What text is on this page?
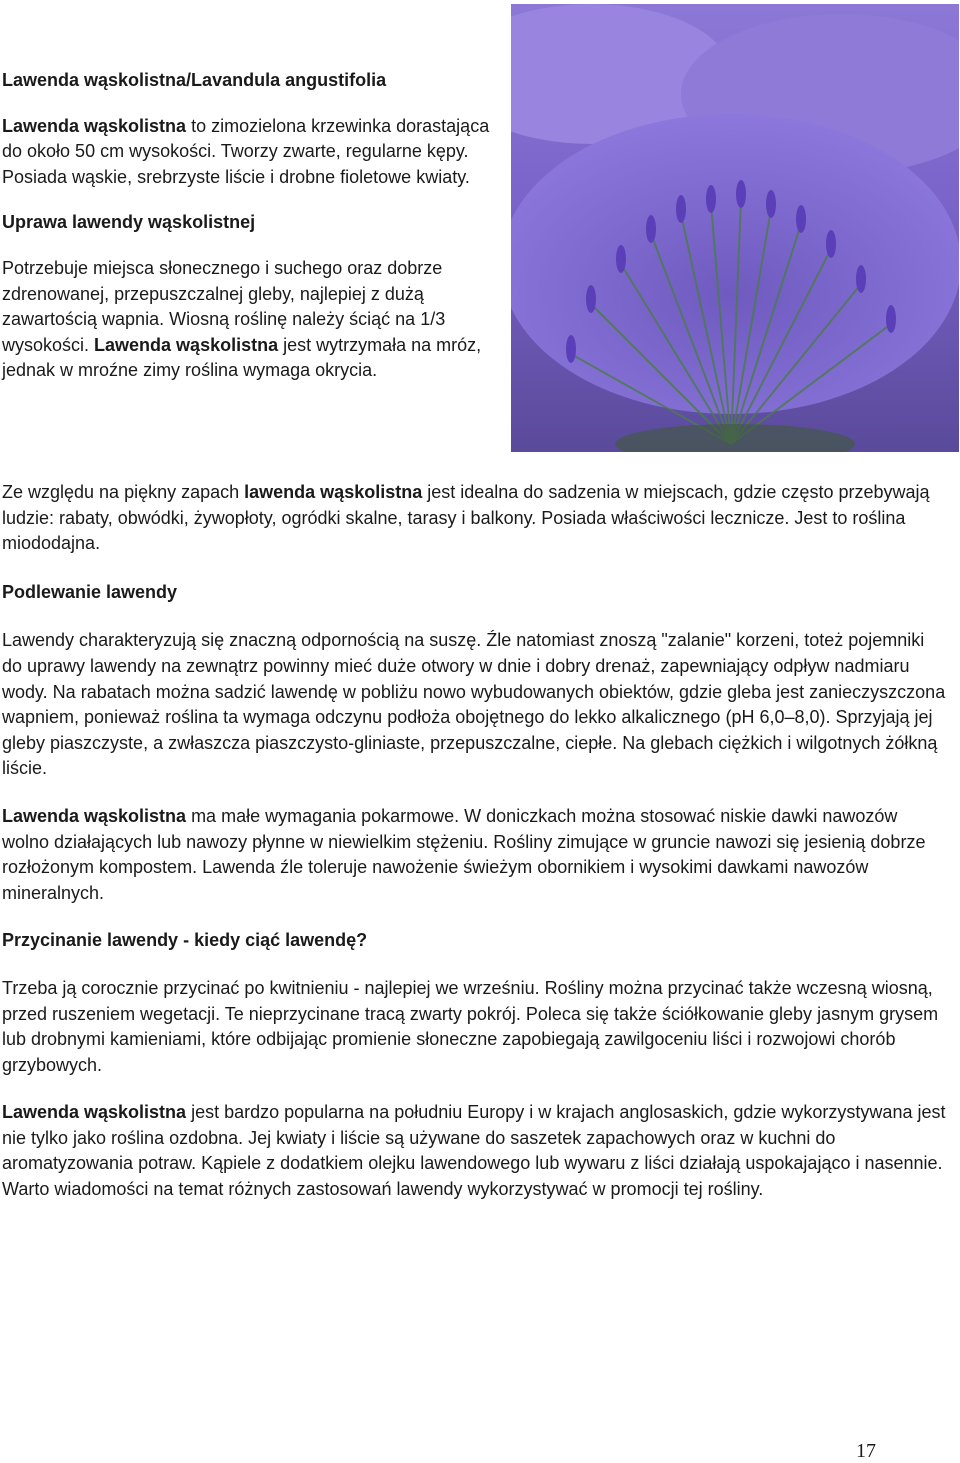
Lawenda wąskolistna/Lavandula angustifolia

Lawenda wąskolistna to zimozielona krzewinka dorastająca do około 50 cm wysokości. Tworzy zwarte, regularne kępy. Posiada wąskie, srebrzyste liście i drobne fioletowe kwiaty.

Uprawa lawendy wąskolistnej

Potrzebuje miejsca słonecznego i suchego oraz dobrze zdrenowanej, przepuszczalnej gleby, najlepiej z dużą zawartością wapnia. Wiosną roślinę należy ściąć na 1/3 wysokości. Lawenda wąskolistna jest wytrzymała na mróz, jednak w mroźne zimy roślina wymaga okrycia.

Ze względu na piękny zapach lawenda wąskolistna jest idealna do sadzenia w miejscach, gdzie często przebywają ludzie: rabaty, obwódki, żywopłoty, ogródki skalne, tarasy i balkony. Posiada właściwości lecznicze. Jest to roślina miododajna.

Podlewanie lawendy

Lawendy charakteryzują się znaczną odpornością na suszę. Źle natomiast znoszą "zalanie" korzeni, toteż pojemniki do uprawy lawendy na zewnątrz powinny mieć duże otwory w dnie i dobry drenaż, zapewniający odpływ nadmiaru wody. Na rabatach można sadzić lawendę w pobliżu nowo wybudowanych obiektów, gdzie gleba jest zanieczyszczona wapniem, ponieważ roślina ta wymaga odczynu podłoża obojętnego do lekko alkalicznego (pH 6,0–8,0). Sprzyjają jej gleby piaszczyste, a zwłaszcza piaszczysto-gliniaste, przepuszczalne, ciepłe. Na glebach ciężkich i wilgotnych żółkną liście.

Lawenda wąskolistna ma małe wymagania pokarmowe. W doniczkach można stosować niskie dawki nawozów wolno działających lub nawozy płynne w niewielkim stężeniu. Rośliny zimujące w gruncie nawozi się jesienią dobrze rozłożonym kompostem. Lawenda źle toleruje nawożenie świeżym obornikiem i wysokimi dawkami nawozów mineralnych.

Przycinanie lawendy - kiedy ciąć lawendę?

Trzeba ją corocznie przycinać po kwitnieniu - najlepiej we wrześniu. Rośliny można przycinać także wczesną wiosną, przed ruszeniem wegetacji. Te nieprzycinane tracą zwarty pokrój. Poleca się także ściółkowanie gleby jasnym grysem lub drobnymi kamieniami, które odbijając promienie słoneczne zapobiegają zawilgoceniu liści i rozwojowi chorób grzybowych.

Lawenda wąskolistna jest bardzo popularna na południu Europy i w krajach anglosaskich, gdzie wykorzystywana jest nie tylko jako roślina ozdobna. Jej kwiaty i liście są używane do saszetek zapachowych oraz w kuchni do aromatyzowania potraw. Kąpiele z dodatkiem olejku lawendowego lub wywaru z liści działają uspokajająco i nasennie. Warto wiadomości na temat różnych zastosowań lawendy wykorzystywać w promocji tej rośliny.

17
